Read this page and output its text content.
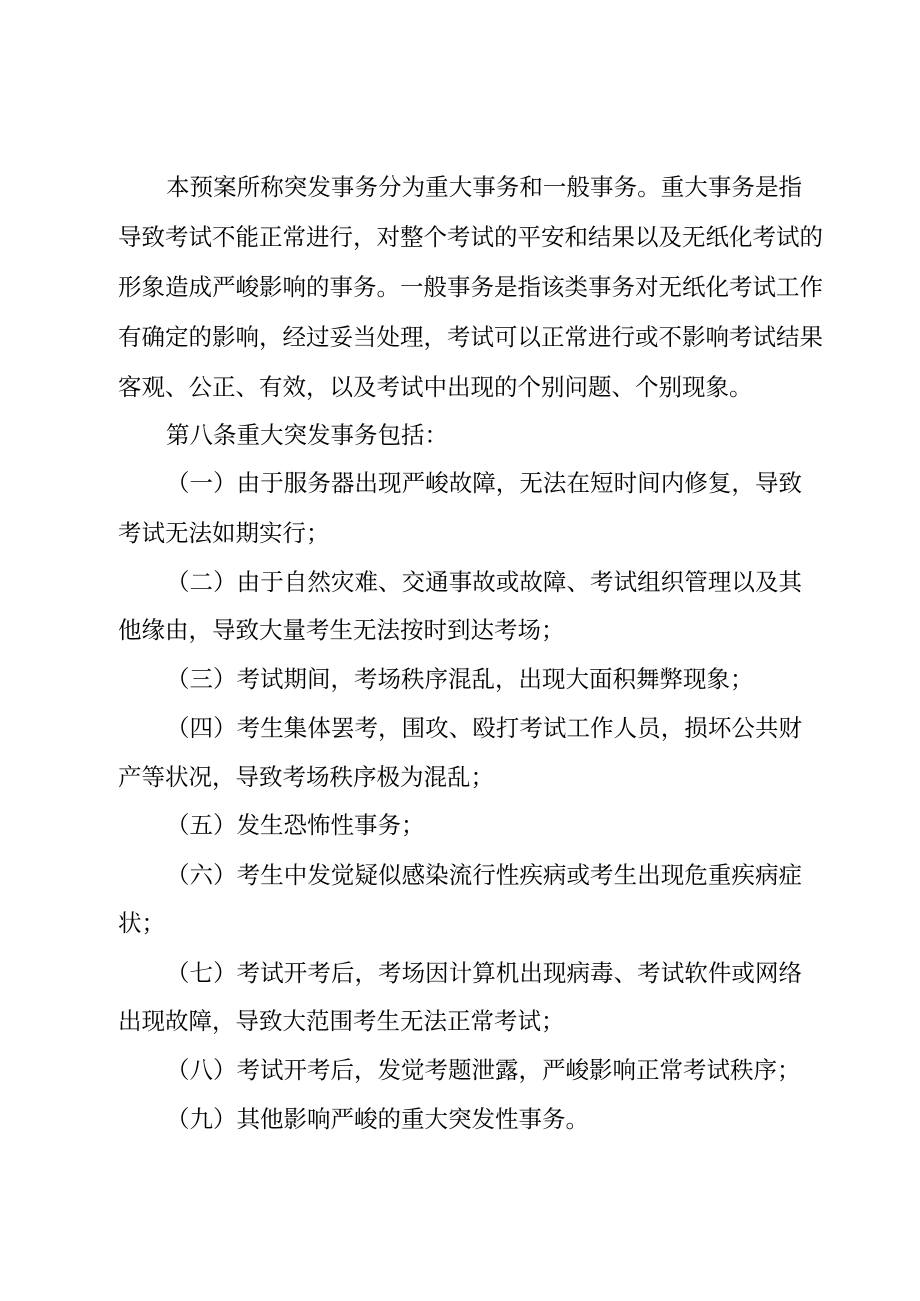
本预案所称突发事务分为重大事务和一般事务。重大事务是指
导致考试不能正常进行，对整个考试的平安和结果以及无纸化考试的
形象造成严峻影响的事务。一般事务是指该类事务对无纸化考试工作
有确定的影响，经过妥当处理，考试可以正常进行或不影响考试结果
客观、公正、有效，以及考试中出现的个别问题、个别现象。
第八条重大突发事务包括：
（一）由于服务器出现严峻故障，无法在短时间内修复，导致
考试无法如期实行；
（二）由于自然灾难、交通事故或故障、考试组织管理以及其
他缘由，导致大量考生无法按时到达考场；
（三）考试期间，考场秩序混乱，出现大面积舞弊现象；
（四）考生集体罢考，围攻、殴打考试工作人员，损坏公共财
产等状况，导致考场秩序极为混乱；
（五）发生恐怖性事务；
（六）考生中发觉疑似感染流行性疾病或考生出现危重疾病症
状；
（七）考试开考后，考场因计算机出现病毒、考试软件或网络
出现故障，导致大范围考生无法正常考试；
（八）考试开考后，发觉考题泄露，严峻影响正常考试秩序；
（九）其他影响严峻的重大突发性事务。
